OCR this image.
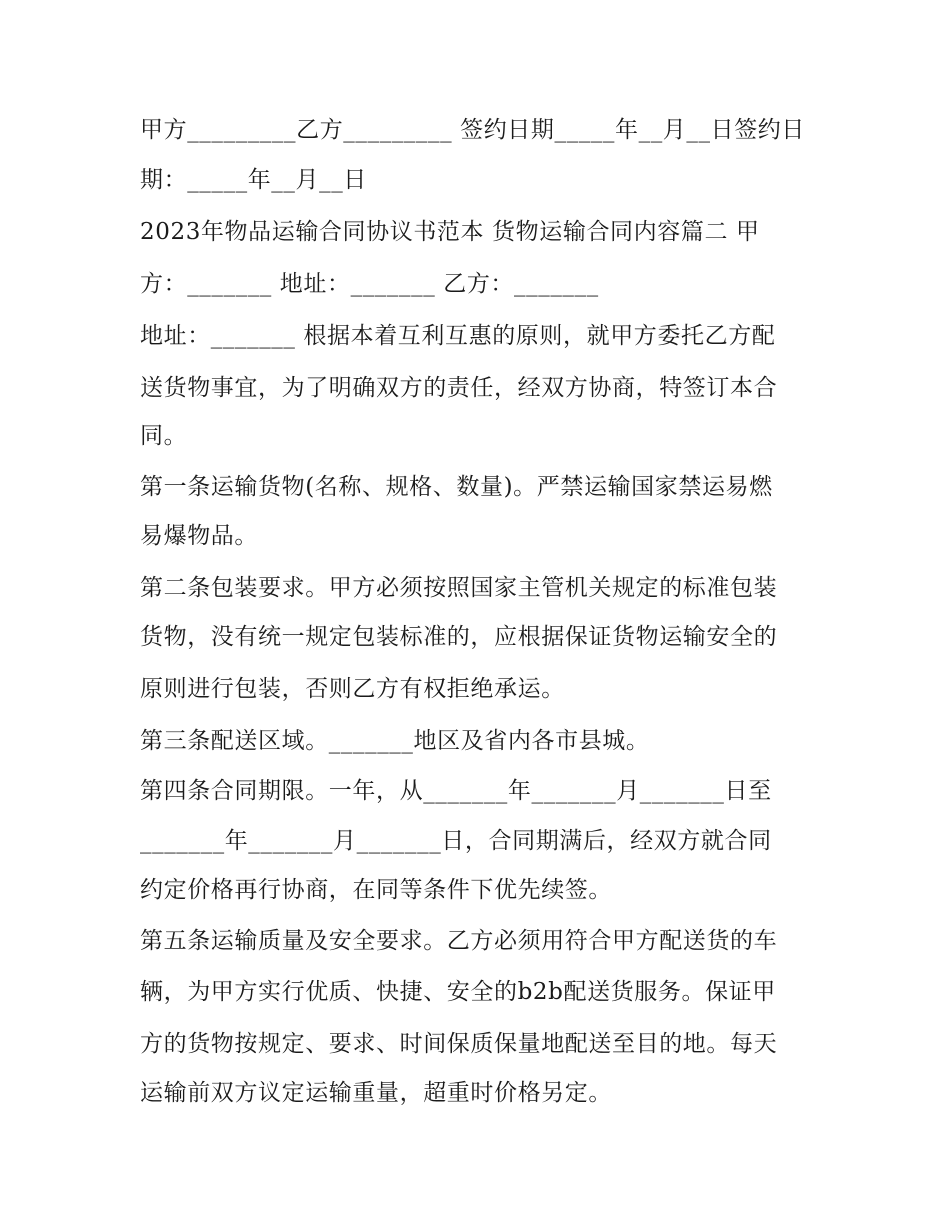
甲方_________乙方_________ 签约日期_____年__月__日签约日

期：_____年__月__日

2023年物品运输合同协议书范本 货物运输合同内容篇二 甲

方：_______ 地址：_______ 乙方：_______

地址：_______ 根据本着互利互惠的原则，就甲方委托乙方配

送货物事宜，为了明确双方的责任，经双方协商，特签订本合

同。

第一条运输货物(名称、规格、数量)。严禁运输国家禁运易燃

易爆物品。

第二条包装要求。甲方必须按照国家主管机关规定的标准包装

货物，没有统一规定包装标准的，应根据保证货物运输安全的

原则进行包装，否则乙方有权拒绝承运。

第三条配送区域。_______地区及省内各市县城。

第四条合同期限。一年，从_______年_______月_______日至

_______年_______月_______日，合同期满后，经双方就合同

约定价格再行协商，在同等条件下优先续签。

第五条运输质量及安全要求。乙方必须用符合甲方配送货的车

辆，为甲方实行优质、快捷、安全的b2b配送货服务。保证甲

方的货物按规定、要求、时间保质保量地配送至目的地。每天

运输前双方议定运输重量，超重时价格另定。
